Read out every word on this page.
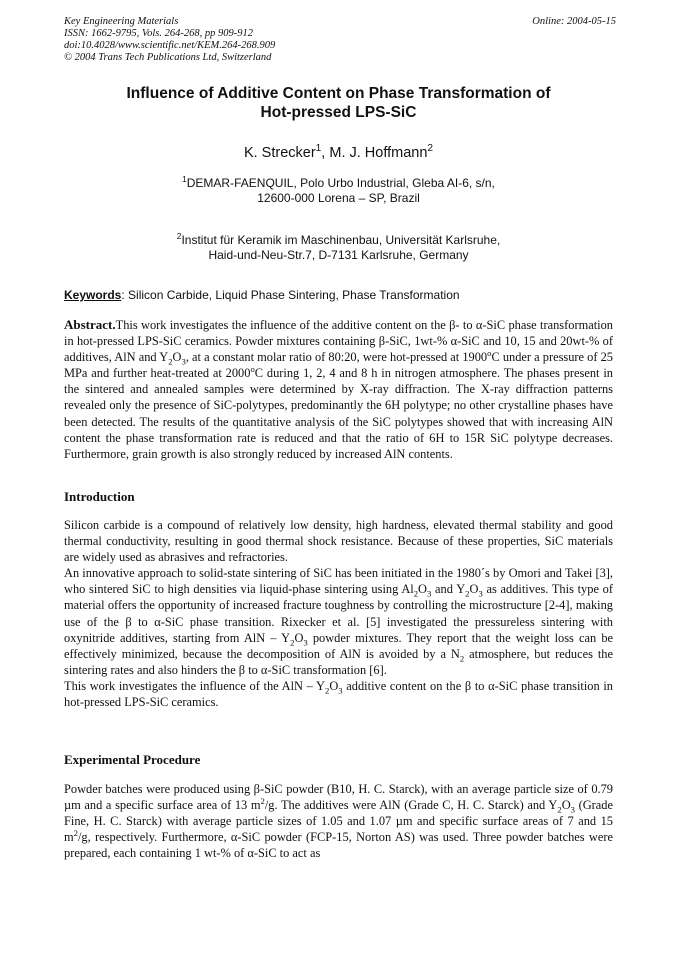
Key Engineering Materials
ISSN: 1662-9795, Vols. 264-268, pp 909-912
doi:10.4028/www.scientific.net/KEM.264-268.909
© 2004 Trans Tech Publications Ltd, Switzerland
Online: 2004-05-15
Influence of Additive Content on Phase Transformation of
Hot-pressed LPS-SiC
K. Strecker$^1$, M. J. Hoffmann$^2$
$^1$DEMAR-FAENQUIL, Polo Urbo Industrial, Gleba AI-6, s/n,
12600-000 Lorena – SP, Brazil
$^2$Institut für Keramik im Maschinenbau, Universität Karlsruhe,
Haid-und-Neu-Str.7, D-7131 Karlsruhe, Germany
Keywords: Silicon Carbide, Liquid Phase Sintering, Phase Transformation
Abstract.This work investigates the influence of the additive content on the β- to α-SiC phase transformation in hot-pressed LPS-SiC ceramics. Powder mixtures containing β-SiC, 1wt-% α-SiC and 10, 15 and 20wt-% of additives, AlN and $Y_2O_3$, at a constant molar ratio of 80:20, were hot-pressed at 1900$^o$C under a pressure of 25 MPa and further heat-treated at 2000$^o$C during 1, 2, 4 and 8 h in nitrogen atmosphere. The phases present in the sintered and annealed samples were determined by X-ray diffraction. The X-ray diffraction patterns revealed only the presence of SiC-polytypes, predominantly the 6H polytype; no other crystalline phases have been detected. The results of the quantitative analysis of the SiC polytypes showed that with increasing AlN content the phase transformation rate is reduced and that the ratio of 6H to 15R SiC polytype decreases. Furthermore, grain growth is also strongly reduced by increased AlN contents.
Introduction

Silicon carbide is a compound of relatively low density, high hardness, elevated thermal stability and good thermal conductivity, resulting in good thermal shock resistance. Because of these properties, SiC materials are widely used as abrasives and refractories.

An innovative approach to solid-state sintering of SiC has been initiated in the 1980´s by Omori and Takei [3], who sintered SiC to high densities via liquid-phase sintering using $Al_2O_3$ and $Y_2O_3$ as additives. This type of material offers the opportunity of increased fracture toughness by controlling the microstructure [2-4], making use of the β to α-SiC phase transition. Rixecker et al. [5] investigated the pressureless sintering with oxynitride additives, starting from AlN – $Y_2O_3$ powder mixtures. They report that the weight loss can be effectively minimized, because the decomposition of AlN is avoided by a $N_2$ atmosphere, but reduces the sintering rates and also hinders the β to α-SiC transformation [6].

This work investigates the influence of the AlN – $Y_2O_3$ additive content on the β to α-SiC phase transition in hot-pressed LPS-SiC ceramics.

Experimental Procedure
Powder batches were produced using β-SiC powder (B10, H. C. Starck), with an average particle size of 0.79 µm and a specific surface area of 13 $m^2/g$. The additives were AlN (Grade C, H. C. Starck) and $Y_2O_3$ (Grade Fine, H. C. Starck) with average particle sizes of 1.05 and 1.07 µm and specific surface areas of 7 and 15 $m^2/g$, respectively. Furthermore, α-SiC powder (FCP-15, Norton AS) was used. Three powder batches were prepared, each containing 1 wt-% of α-SiC to act as
